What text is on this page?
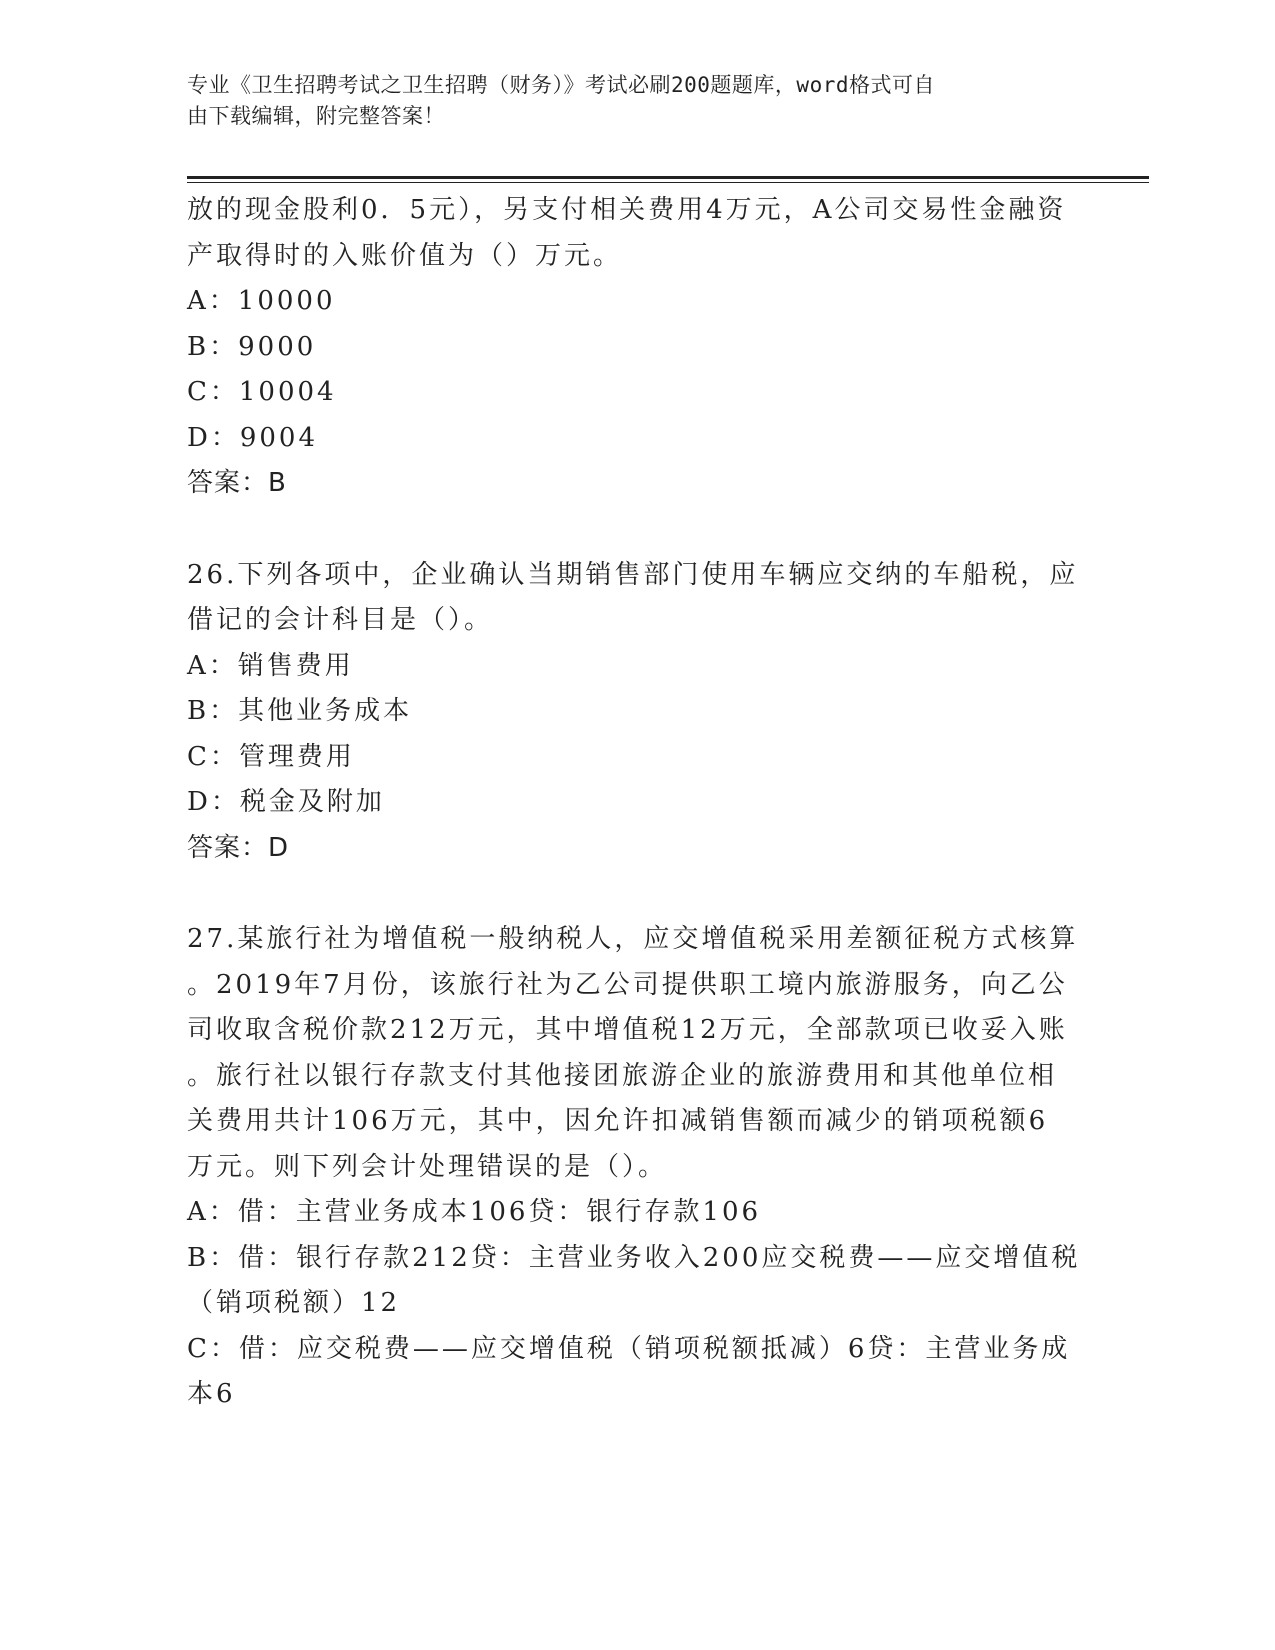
专业《卫生招聘考试之卫生招聘（财务）》考试必刷200题题库，word格式可自
由下载编辑，附完整答案！
放的现金股利0．5元），另支付相关费用4万元，A公司交易性金融资
产取得时的入账价值为（）万元。
A：10000
B：9000
C：10004
D：9004
答案：B
26.下列各项中，企业确认当期销售部门使用车辆应交纳的车船税，应
借记的会计科目是（）。
A：销售费用
B：其他业务成本
C：管理费用
D：税金及附加
答案：D
27.某旅行社为增值税一般纳税人，应交增值税采用差额征税方式核算
。2019年7月份，该旅行社为乙公司提供职工境内旅游服务，向乙公
司收取含税价款212万元，其中增值税12万元，全部款项已收妥入账
。旅行社以银行存款支付其他接团旅游企业的旅游费用和其他单位相
关费用共计106万元，其中，因允许扣减销售额而减少的销项税额6
万元。则下列会计处理错误的是（）。
A：借：主营业务成本106贷：银行存款106
B：借：银行存款212贷：主营业务收入200应交税费——应交增值税
（销项税额）12
C：借：应交税费——应交增值税（销项税额抵减）6贷：主营业务成
本6
